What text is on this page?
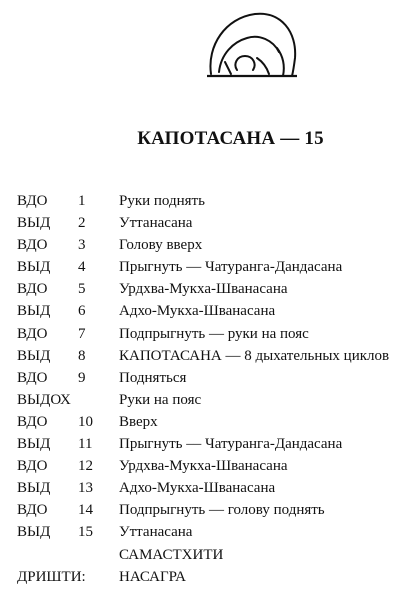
КАПОТАСАНА — 15
ВДО 1 Руки поднять
ВЫД 2 Уттанасана
ВДО 3 Голову вверх
ВЫД 4 Прыгнуть — Чатуранга-Дандасана
ВДО 5 Урдхва-Мукха-Шванасана
ВЫД 6 Адхо-Мукха-Шванасана
ВДО 7 Подпрыгнуть — руки на пояс
ВЫД 8 КАПОТАСАНА — 8 дыхательных циклов
ВДО 9 Подняться
ВЫДОХ	Руки на пояс
ВДО 10 Вверх
ВЫД 11 Прыгнуть –– Чатуранга-Дандасана
ВДО 12 Урдхва-Мукха-Шванасана
ВЫД 13 Адхо-Мукха-Шванасана
ВДО 14 Подпрыгнуть — голову поднять
ВЫД 15 Уттанасана
САМАСТХИТИ
ДРИШТИ: НАСАГРА
